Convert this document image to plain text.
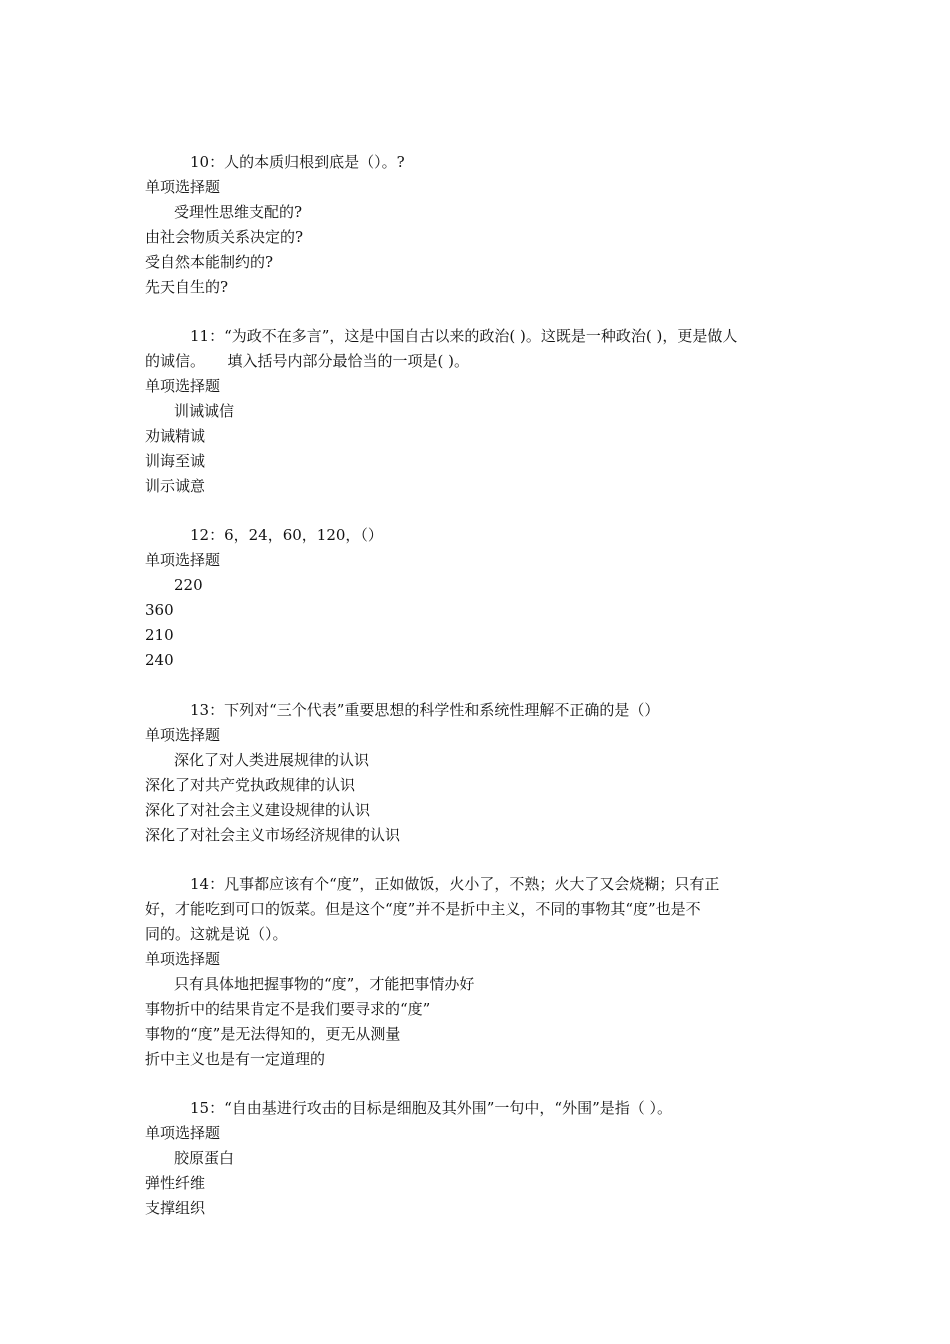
10：人的本质归根到底是（）。?
单项选择题
受理性思维支配的?
由社会物质关系决定的?
受自然本能制约的?
先天自生的?
11：“为政不在多言”，这是中国自古以来的政治( )。这既是一种政治( )，更是做人
的诚信。　　填入括号内部分最恰当的一项是( )。
单项选择题
训诫诚信
劝诫精诚
训诲至诚
训示诚意
12：6，24，60，120，（）
单项选择题
220
360
210
240
13：下列对“三个代表”重要思想的科学性和系统性理解不正确的是（）
单项选择题
深化了对人类进展规律的认识
深化了对共产党执政规律的认识
深化了对社会主义建设规律的认识
深化了对社会主义市场经济规律的认识
14：凡事都应该有个“度”，正如做饭，火小了，不熟；火大了又会烧糊；只有正
好，才能吃到可口的饭菜。但是这个“度”并不是折中主义，不同的事物其“度”也是不
同的。这就是说（）。
单项选择题
只有具体地把握事物的“度”，才能把事情办好
事物折中的结果肯定不是我们要寻求的“度”
事物的“度”是无法得知的，更无从测量
折中主义也是有一定道理的
15：“自由基进行攻击的目标是细胞及其外围”一句中，“外围”是指（ ）。
单项选择题
胶原蛋白
弹性纤维
支撑组织
